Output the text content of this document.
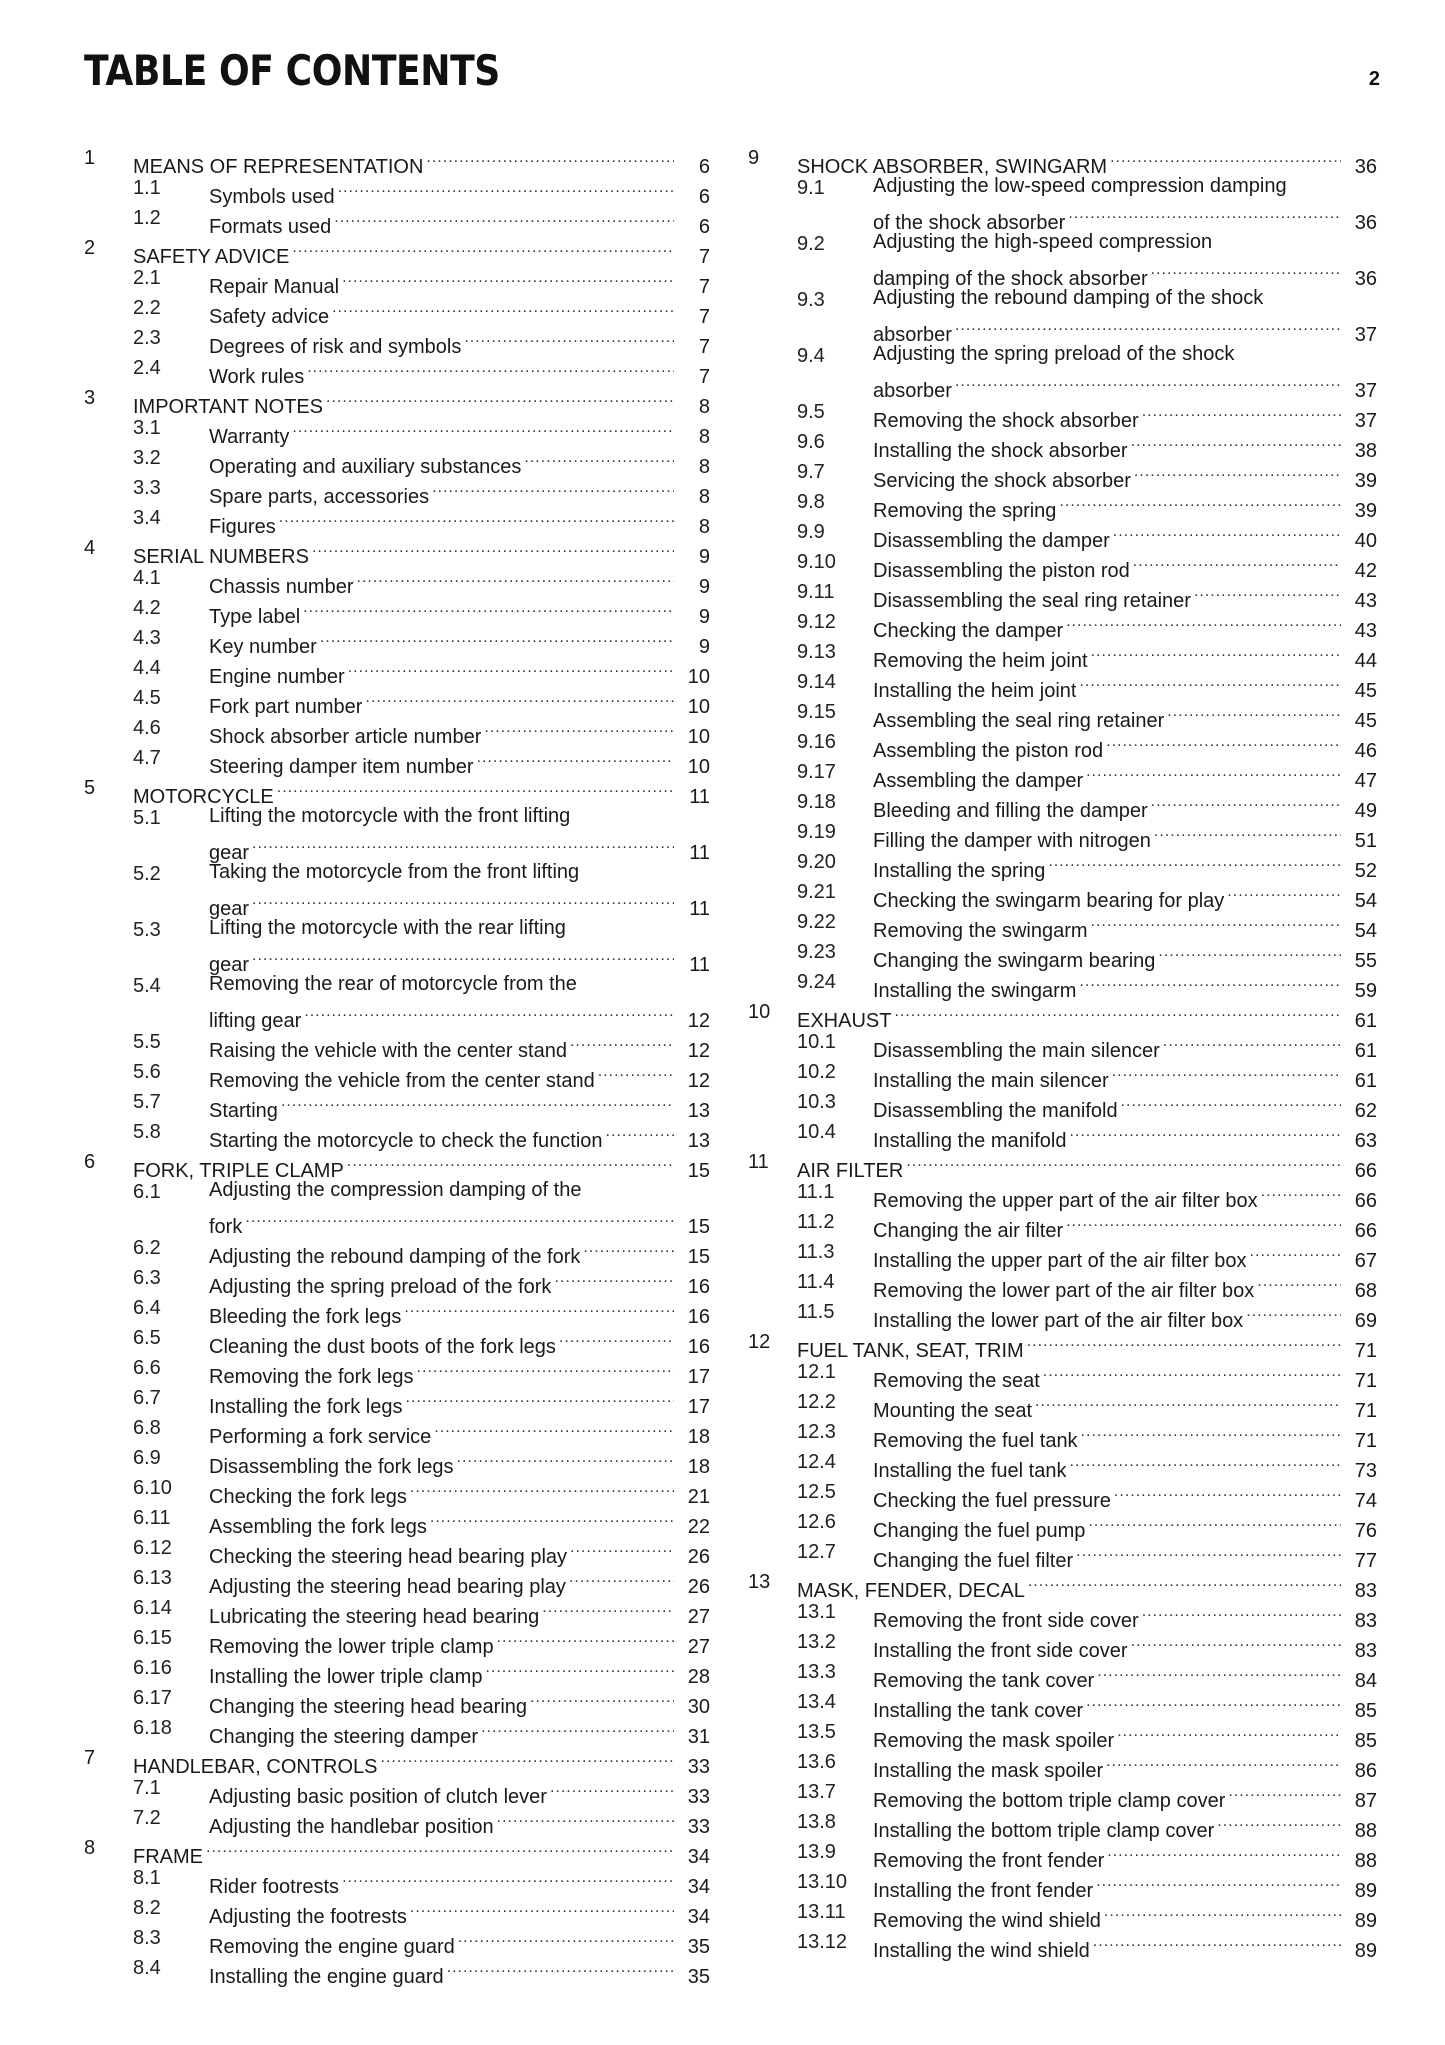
TABLE OF CONTENTS	2
1 MEANS OF REPRESENTATION .....	6
1.1 Symbols used .....	6
1.2 Formats used .....	6
2 SAFETY ADVICE .....	7
2.1 Repair Manual .....	7
2.2 Safety advice .....	7
2.3 Degrees of risk and symbols .....	7
2.4 Work rules .....	7
3 IMPORTANT NOTES .....	8
3.1 Warranty .....	8
3.2 Operating and auxiliary substances .....	8
3.3 Spare parts, accessories .....	8
3.4 Figures .....	8
4 SERIAL NUMBERS .....	9
4.1 Chassis number .....	9
4.2 Type label .....	9
4.3 Key number .....	9
4.4 Engine number .....	10
4.5 Fork part number .....	10
4.6 Shock absorber article number .....	10
4.7 Steering damper item number .....	10
5 MOTORCYCLE .....	11
5.1	Lifting the motorcycle with the front lifting
gear .....	11
5.2	Taking the motorcycle from the front lifting
gear .....	11
5.3	Lifting the motorcycle with the rear lifting
gear .....	11
5.4	Removing the rear of motorcycle from the
lifting gear .....	12
5.5 Raising the vehicle with the center stand .....	12
5.6 Removing the vehicle from the center stand .....	12
5.7 Starting .....	13
5.8 Starting the motorcycle to check the function .....	13
6 FORK, TRIPLE CLAMP .....	15
6.1	Adjusting the compression damping of the
fork .....	15
6.2 Adjusting the rebound damping of the fork .....	15
6.3 Adjusting the spring preload of the fork .....	16
6.4 Bleeding the fork legs .....	16
6.5 Cleaning the dust boots of the fork legs .....	16
6.6 Removing the fork legs .....	17
6.7 Installing the fork legs .....	17
6.8 Performing a fork service .....	18
6.9 Disassembling the fork legs .....	18
6.10 Checking the fork legs .....	21
6.11 Assembling the fork legs .....	22
6.12 Checking the steering head bearing play .....	26
6.13 Adjusting the steering head bearing play .....	26
6.14 Lubricating the steering head bearing .....	27
6.15 Removing the lower triple clamp .....	27
6.16 Installing the lower triple clamp .....	28
6.17 Changing the steering head bearing .....	30
6.18 Changing the steering damper .....	31
7 HANDLEBAR, CONTROLS .....	33
7.1 Adjusting basic position of clutch lever .....	33
7.2 Adjusting the handlebar position .....	33
8 FRAME .....	34
8.1 Rider footrests .....	34
8.2 Adjusting the footrests .....	34
8.3 Removing the engine guard .....	35
8.4 Installing the engine guard .....	35
9 SHOCK ABSORBER, SWINGARM .....	36
9.1	Adjusting the low-speed compression damping
of the shock absorber .....	36
9.2	Adjusting the high-speed compression
damping of the shock absorber .....	36
9.3	Adjusting the rebound damping of the shock
absorber .....	37
9.4	Adjusting the spring preload of the shock
absorber .....	37
9.5 Removing the shock absorber .....	37
9.6 Installing the shock absorber .....	38
9.7 Servicing the shock absorber .....	39
9.8 Removing the spring .....	39
9.9 Disassembling the damper .....	40
9.10 Disassembling the piston rod .....	42
9.11 Disassembling the seal ring retainer .....	43
9.12 Checking the damper .....	43
9.13 Removing the heim joint .....	44
9.14 Installing the heim joint .....	45
9.15 Assembling the seal ring retainer .....	45
9.16 Assembling the piston rod .....	46
9.17 Assembling the damper .....	47
9.18 Bleeding and filling the damper .....	49
9.19 Filling the damper with nitrogen .....	51
9.20 Installing the spring .....	52
9.21 Checking the swingarm bearing for play .....	54
9.22 Removing the swingarm .....	54
9.23 Changing the swingarm bearing .....	55
9.24 Installing the swingarm .....	59
10 EXHAUST .....	61
10.1 Disassembling the main silencer .....	61
10.2 Installing the main silencer .....	61
10.3 Disassembling the manifold .....	62
10.4 Installing the manifold .....	63
11 AIR FILTER .....	66
11.1 Removing the upper part of the air filter box .....	66
11.2 Changing the air filter .....	66
11.3 Installing the upper part of the air filter box .....	67
11.4 Removing the lower part of the air filter box .....	68
11.5 Installing the lower part of the air filter box .....	69
12 FUEL TANK, SEAT, TRIM .....	71
12.1 Removing the seat .....	71
12.2 Mounting the seat .....	71
12.3 Removing the fuel tank .....	71
12.4 Installing the fuel tank .....	73
12.5 Checking the fuel pressure .....	74
12.6 Changing the fuel pump .....	76
12.7 Changing the fuel filter .....	77
13 MASK, FENDER, DECAL .....	83
13.1 Removing the front side cover .....	83
13.2 Installing the front side cover .....	83
13.3 Removing the tank cover .....	84
13.4 Installing the tank cover .....	85
13.5 Removing the mask spoiler .....	85
13.6 Installing the mask spoiler .....	86
13.7 Removing the bottom triple clamp cover .....	87
13.8 Installing the bottom triple clamp cover .....	88
13.9 Removing the front fender .....	88
13.10 Installing the front fender .....	89
13.11 Removing the wind shield .....	89
13.12 Installing the wind shield .....	89
